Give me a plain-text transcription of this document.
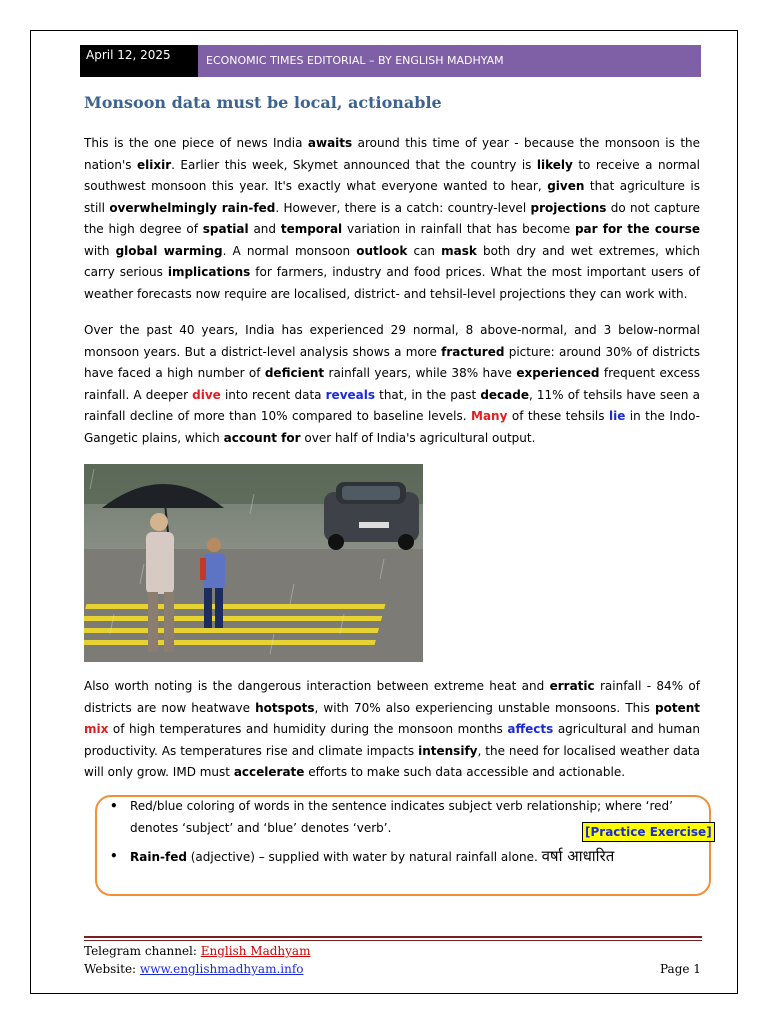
April 12, 2025	ECONOMIC TIMES EDITORIAL – BY ENGLISH MADHYAM
Monsoon data must be local, actionable

This is the one piece of news India awaits around this time of year - because the monsoon is the nation's elixir. Earlier this week, Skymet announced that the country is likely to receive a normal southwest monsoon this year. It's exactly what everyone wanted to hear, given that agriculture is still overwhelmingly rain-fed. However, there is a catch: country-level projections do not capture the high degree of spatial and temporal variation in rainfall that has become par for the course with global warming. A normal monsoon outlook can mask both dry and wet extremes, which carry serious implications for farmers, industry and food prices. What the most important users of weather forecasts now require are localised, district- and tehsil-level projections they can work with.

Over the past 40 years, India has experienced 29 normal, 8 above-normal, and 3 below-normal monsoon years. But a district-level analysis shows a more fractured picture: around 30% of districts have faced a high number of deficient rainfall years, while 38% have experienced frequent excess rainfall. A deeper dive into recent data reveals that, in the past decade, 11% of tehsils have seen a rainfall decline of more than 10% compared to baseline levels. Many of these tehsils lie in the Indo-Gangetic plains, which account for over half of India's agricultural output.

Also worth noting is the dangerous interaction between extreme heat and erratic rainfall - 84% of districts are now heatwave hotspots, with 70% also experiencing unstable monsoons. This potent mix of high temperatures and humidity during the monsoon months affects agricultural and human productivity. As temperatures rise and climate impacts intensify, the need for localised weather data will only grow. IMD must accelerate efforts to make such data accessible and actionable.

• Red/blue coloring of words in the sentence indicates subject verb relationship; where ‘red’ denotes ‘subject’ and ‘blue’ denotes ‘verb’.	[Practice Exercise]
• Rain-fed (adjective) – supplied with water by natural rainfall alone. वर्षा आधारित
Telegram channel: English Madhyam
Website: www.englishmadhyam.info	Page 1
